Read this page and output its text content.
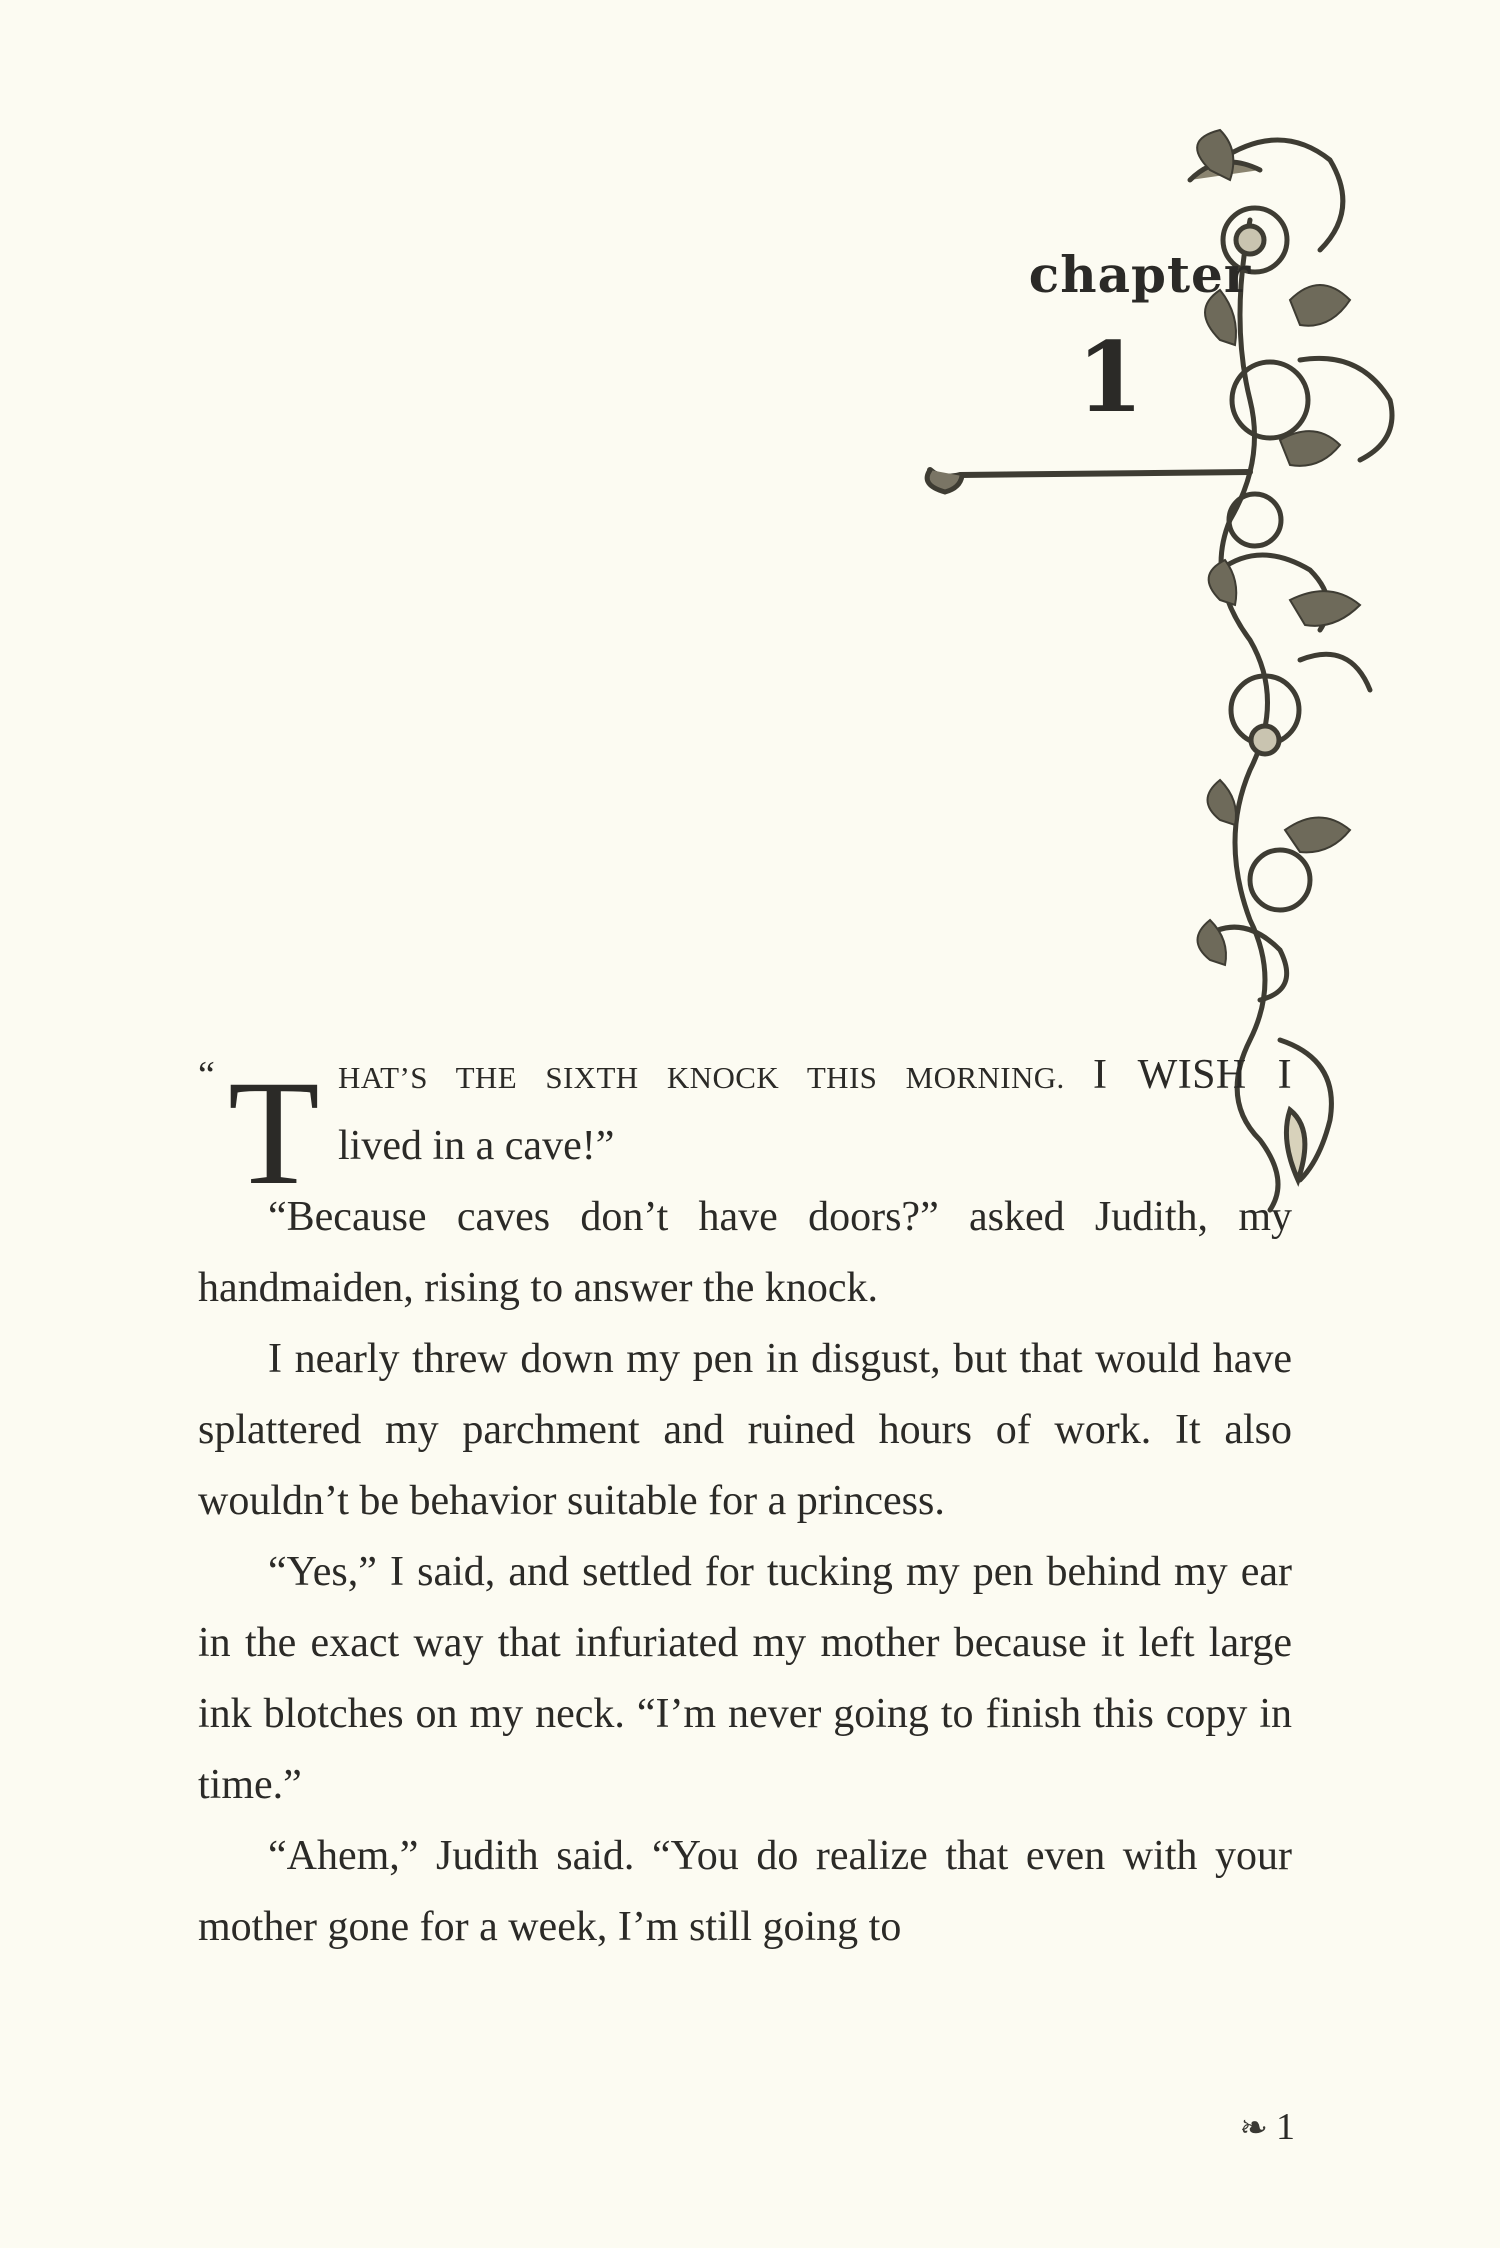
chapter
1
“ T HAT’S THE SIXTH KNOCK THIS MORNING. I WISH I
lived in a cave!”

“Because caves don’t have doors?” asked Judith, my handmaiden, rising to answer the knock.

I nearly threw down my pen in disgust, but that would have splattered my parchment and ruined hours of work. It also wouldn’t be behavior suitable for a princess.

“Yes,” I said, and settled for tucking my pen behind my ear in the exact way that infuriated my mother because it left large ink blotches on my neck. “I’m never going to finish this copy in time.”

“Ahem,” Judith said. “You do realize that even with your mother gone for a week, I’m still going to

❧ 1
